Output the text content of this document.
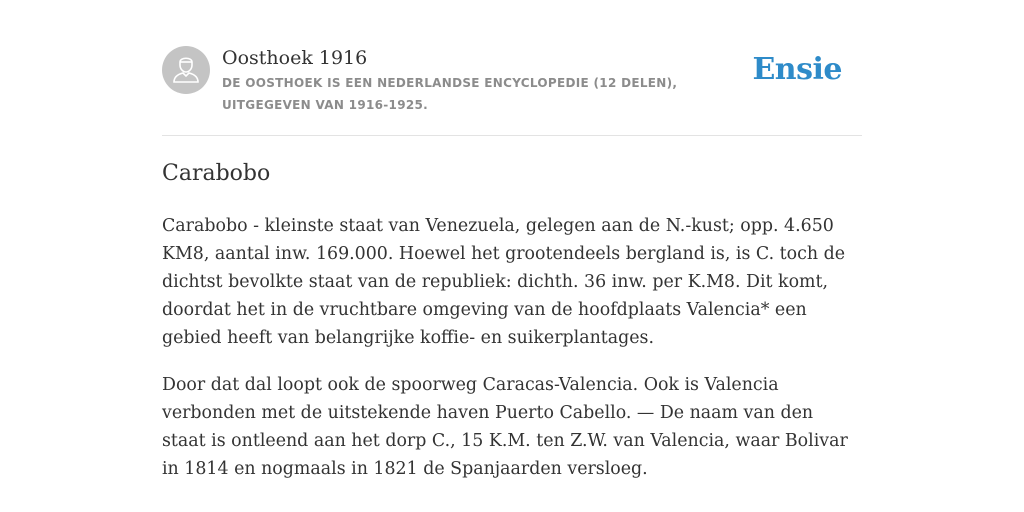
Oosthoek 1916
DE OOSTHOEK IS EEN NEDERLANDSE ENCYCLOPEDIE (12 DELEN), UITGEGEVEN VAN 1916-1925.
Ensie
Carabobo

Carabobo - kleinste staat van Venezuela, gelegen aan de N.-kust; opp. 4.650 KM8, aantal inw. 169.000. Hoewel het grootendeels bergland is, is C. toch de dichtst bevolkte staat van de republiek: dichth. 36 inw. per K.M8. Dit komt, doordat het in de vruchtbare omgeving van de hoofdplaats Valencia* een gebied heeft van belangrijke koffie- en suikerplantages.

Door dat dal loopt ook de spoorweg Caracas-Valencia. Ook is Valencia verbonden met de uitstekende haven Puerto Cabello. — De naam van den staat is ontleend aan het dorp C., 15 K.M. ten Z.W. van Valencia, waar Bolivar in 1814 en nogmaals in 1821 de Spanjaarden versloeg.
